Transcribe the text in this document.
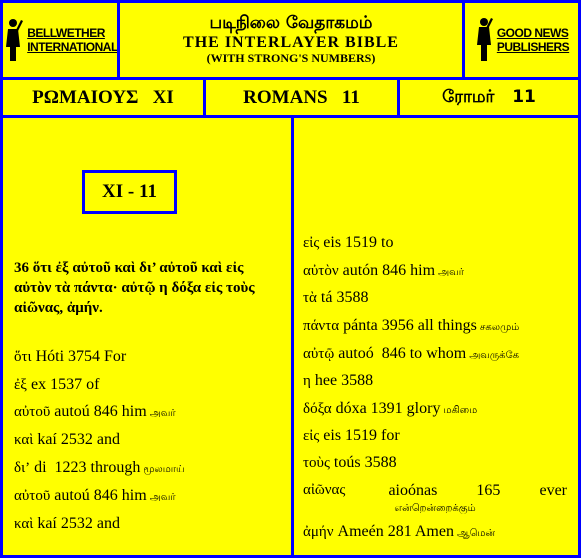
BELLWETHER
INTERNATIONAL
படிநிலை வேதாகமம்
THE INTERLAYER BIBLE
(WITH STRONG'S NUMBERS)
GOOD NEWS
PUBLISHERS
ΡΩΜΑΙΟΥΣ   XI	ROMANS   11	ரோமர்   11
XI - 11
36 ὅτι ἐξ αὐτοῦ καὶ δι’ αὐτοῦ καὶ εἰς αὐτὸν τὰ πάντα· αὐτῷ η δόξα εἰς τοὺς αἰῶνας, ἀμήν.
ὅτι Hóti 3754 For
ἐξ ex 1537 of
αὐτοῦ autoú 846 him அவர்
καὶ kaí 2532 and
δι’ di  1223 through மூலமாய்
αὐτοῦ autoú 846 him அவர்
καὶ kaí 2532 and
εἰς eis 1519 to
αὐτὸν autón 846 him அவர்
τὰ tá 3588
πάντα pánta 3956 all things சகலமும்
αὐτῷ autoó  846 to whom அவருக்கே
η hee 3588
δόξα dóxa 1391 glory மகிமை
εἰς eis 1519 for
τοὺς toús 3588
αἰῶνας	aioónas 165 ever
என்றென்றைக்கும்
ἀμήν Ameén 281 Amen ஆமென்
